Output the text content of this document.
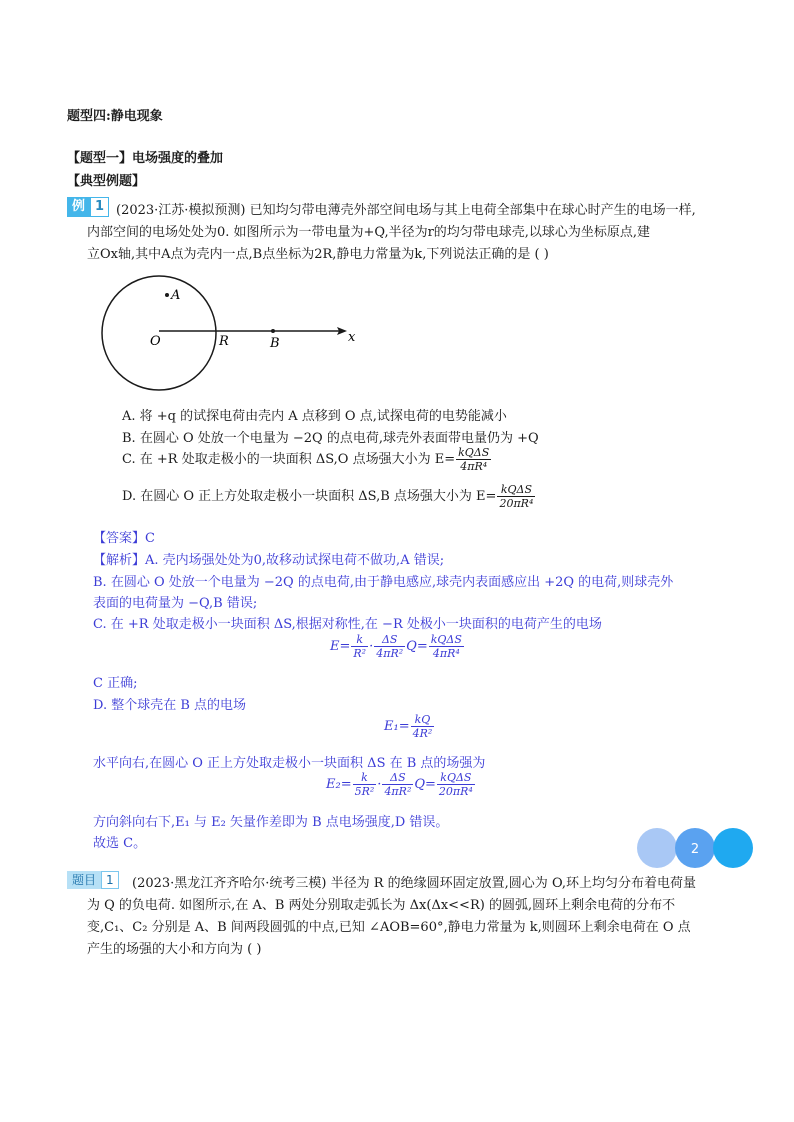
题型四:静电现象
【题型一】电场强度的叠加
【典型例题】
例 1 (2023·江苏·模拟预测) 已知均匀带电薄壳外部空间电场与其上电荷全部集中在球心时产生的电场一样,
内部空间的电场处处为0. 如图所示为一带电量为+Q,半径为r的均匀带电球壳,以球心为坐标原点,建
立Ox轴,其中A点为壳内一点,B点坐标为2R,静电力常量为k,下列说法正确的是 ( )
A
O	R	B	x
A. 将 +q 的试探电荷由壳内 A 点移到 O 点,试探电荷的电势能减小
B. 在圆心 O 处放一个电量为 −2Q 的点电荷,球壳外表面带电量仍为 +Q
C. 在 +R 处取走极小的一块面积 ΔS,O 点场强大小为 $E= \frac{\text{kQΔS}}{\text{4πR⁴}}$
D. 在圆心 O 正上方处取走极小一块面积 ΔS,B 点场强大小为 $E= \frac{\text{kQΔS}}{\text{20πR⁴}}$
【答案】C
【解析】A. 壳内场强处处为0,故移动试探电荷不做功,A 错误;
B. 在圆心 O 处放一个电量为 −2Q 的点电荷,由于静电感应,球壳内表面感应出 +2Q 的电荷,则球壳外
表面的电荷量为 −Q,B 错误;
C. 在 +R 处取走极小一块面积 ΔS,根据对称性,在 −R 处极小一块面积的电荷产生的电场
$E= \frac{k}{\text{R²}} \cdot \frac{\Delta S}{\text{4πR²}} Q= \frac{\text{kQΔS}}{\text{4πR⁴}}$
C 正确;
D. 整个球壳在 B 点的电场
$E_1= \frac{kQ}{\text{4R²}}$
水平向右,在圆心 O 正上方处取走极小一块面积 ΔS 在 B 点的场强为
$E_2= \frac{k}{\text{5R²}} \cdot \frac{\Delta S}{\text{4πR²}} Q= \frac{\text{kQΔS}}{\text{20πR⁴}}$
方向斜向右下,E₁ 与 E₂ 矢量作差即为 B 点电场强度,D 错误。
故选 C。
题目 1	(2023·黑龙江齐齐哈尔·统考三模) 半径为 R 的绝缘圆环固定放置,圆心为 O,环上均匀分布着电荷量
为 Q 的负电荷. 如图所示,在 A、B 两处分别取走弧长为 Δx(Δx<<R) 的圆弧,圆环上剩余电荷的分布不
变,C₁、C₂ 分别是 A、B 间两段圆弧的中点,已知 ∠AOB=60°,静电力常量为 k,则圆环上剩余电荷在 O 点
产生的场强的大小和方向为 ( )
2
